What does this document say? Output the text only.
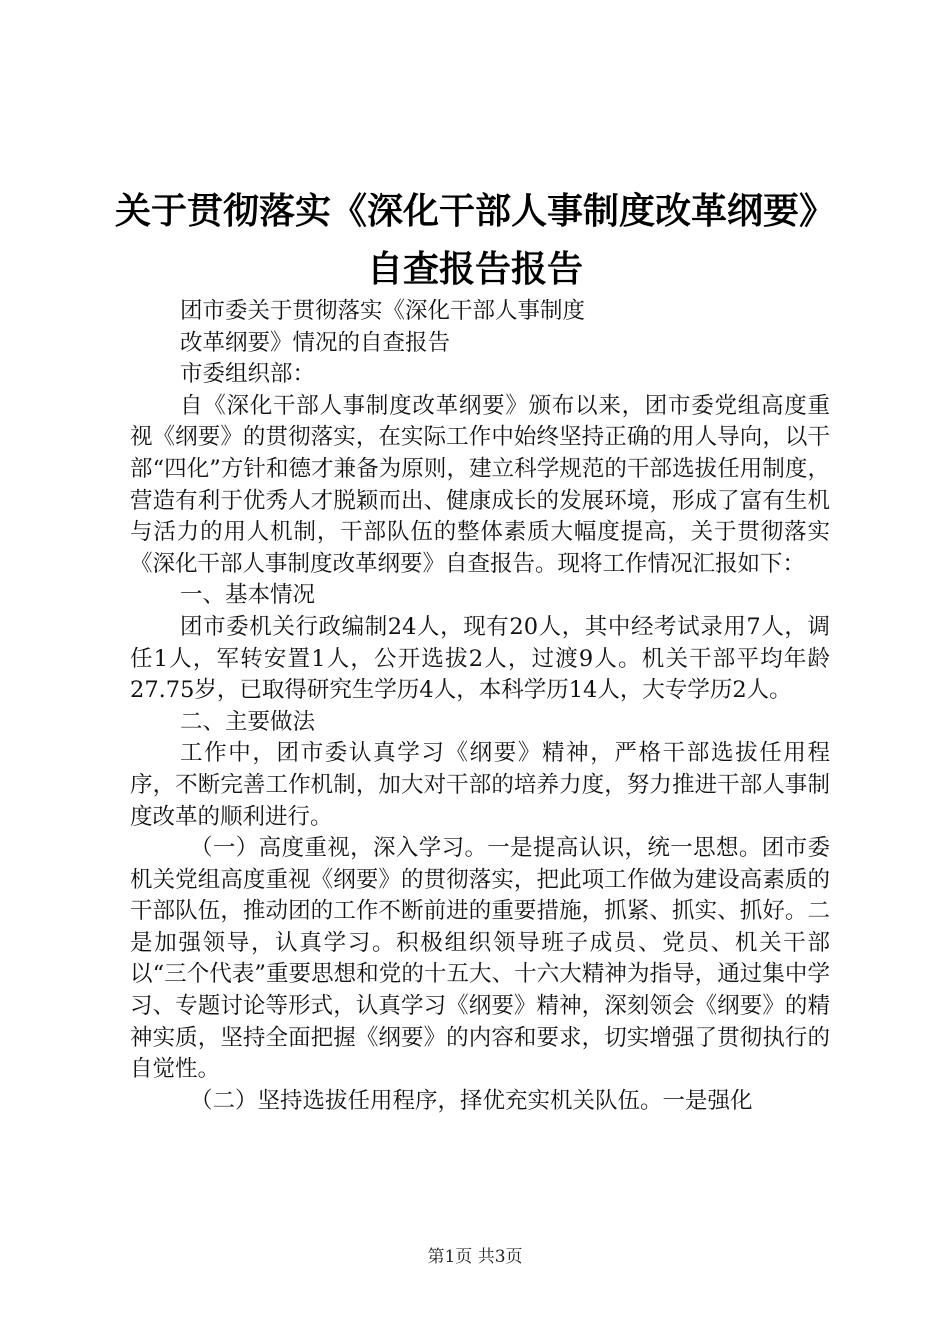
关于贯彻落实《深化干部人事制度改革纲要》
自查报告报告

团市委关于贯彻落实《深化干部人事制度

改革纲要》情况的自查报告

市委组织部：

自《深化干部人事制度改革纲要》颁布以来，团市委党组高度重视《纲要》的贯彻落实，在实际工作中始终坚持正确的用人导向，以干部“四化”方针和德才兼备为原则，建立科学规范的干部选拔任用制度，营造有利于优秀人才脱颖而出、健康成长的发展环境，形成了富有生机与活力的用人机制，干部队伍的整体素质大幅度提高，关于贯彻落实《深化干部人事制度改革纲要》自查报告。现将工作情况汇报如下：

一、基本情况

团市委机关行政编制24人，现有20人，其中经考试录用7人，调任1人，军转安置1人，公开选拔2人，过渡9人。机关干部平均年龄27.75岁，已取得研究生学历4人，本科学历14人，大专学历2人。

二、主要做法

工作中，团市委认真学习《纲要》精神，严格干部选拔任用程序，不断完善工作机制，加大对干部的培养力度，努力推进干部人事制度改革的顺利进行。

（一）高度重视，深入学习。一是提高认识，统一思想。团市委机关党组高度重视《纲要》的贯彻落实，把此项工作做为建设高素质的干部队伍，推动团的工作不断前进的重要措施，抓紧、抓实、抓好。二是加强领导，认真学习。积极组织领导班子成员、党员、机关干部以“三个代表”重要思想和党的十五大、十六大精神为指导，通过集中学习、专题讨论等形式，认真学习《纲要》精神，深刻领会《纲要》的精神实质，坚持全面把握《纲要》的内容和要求，切实增强了贯彻执行的自觉性。

（二）坚持选拔任用程序，择优充实机关队伍。一是强化

第1页 共3页
